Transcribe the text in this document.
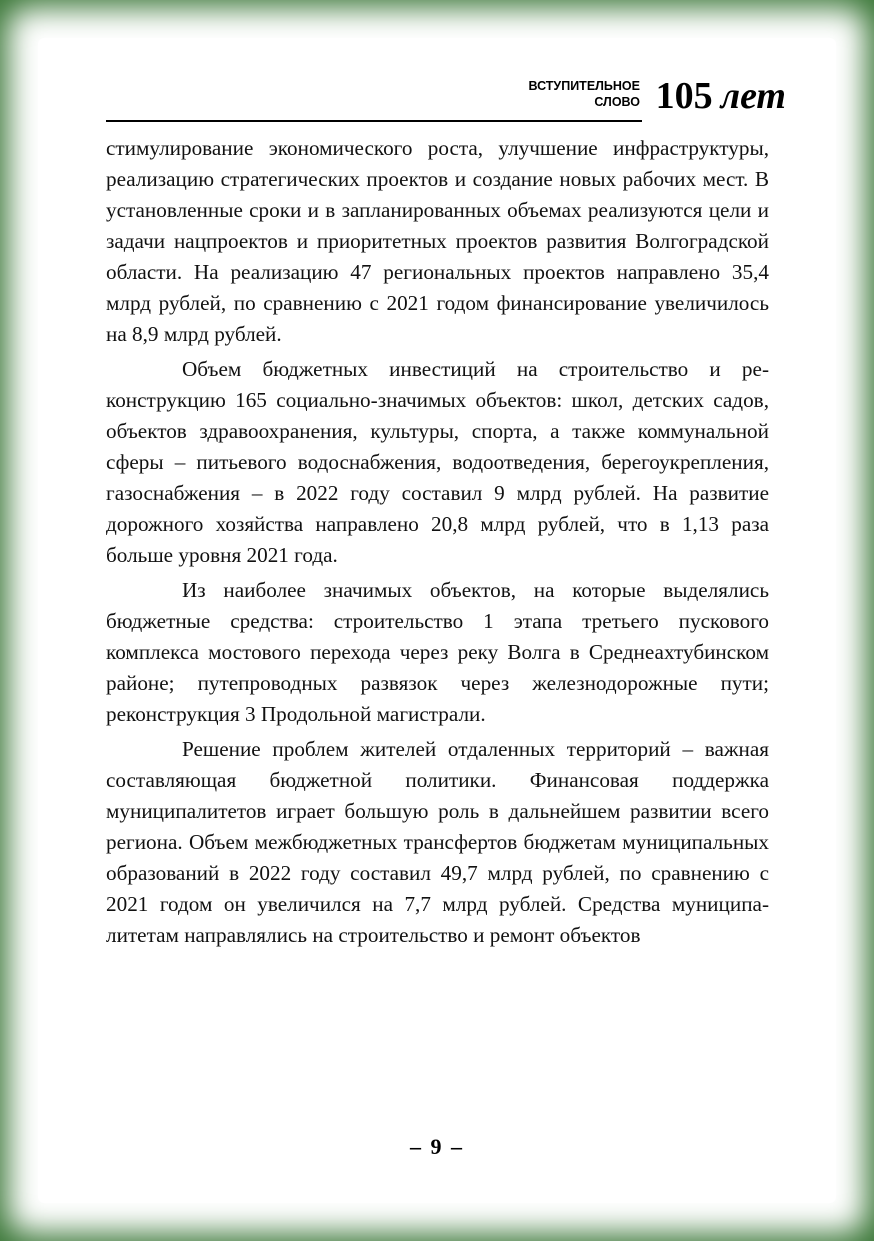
ВСТУПИТЕЛЬНОЕ
СЛОВО 105 лет

стимулирование экономического роста, улучшение инфраструктуры, реализацию стратегических проектов и создание новых рабочих мест. В установленные сроки и в запланированных объемах реализуются цели и задачи нацпроектов и приоритетных проектов развития Волгоградской области. На реализацию 47 региональных проектов направлено 35,4 млрд рублей, по сравнению с 2021 годом финансирование увеличилось на 8,9 млрд рублей.

Объем бюджетных инвестиций на строительство и реконструкцию 165 социально-значимых объектов: школ, детских садов, объектов здравоохранения, культуры, спорта, а также коммунальной сферы – питьевого водоснабжения, водоотведения, берегоукрепления, газоснабжения – в 2022 году составил 9 млрд рублей. На развитие дорожного хозяйства направлено 20,8 млрд рублей, что в 1,13 раза больше уровня 2021 года.

Из наиболее значимых объектов, на которые выделялись бюджетные средства: строительство 1 этапа третьего пускового комплекса мостового перехода через реку Волга в Среднеахтубинском районе; путепроводных развязок через железнодорожные пути; реконструкция 3 Продольной магистрали.

Решение проблем жителей отдаленных территорий – важная составляющая бюджетной политики. Финансовая поддержка муниципалитетов играет большую роль в дальнейшем развитии всего региона. Объем межбюджетных трансфертов бюджетам муниципальных образований в 2022 году составил 49,7 млрд рублей, по сравнению с 2021 годом он увеличился на 7,7 млрд рублей. Средства муниципалитетам направлялись на строительство и ремонт объектов

– 9 –
